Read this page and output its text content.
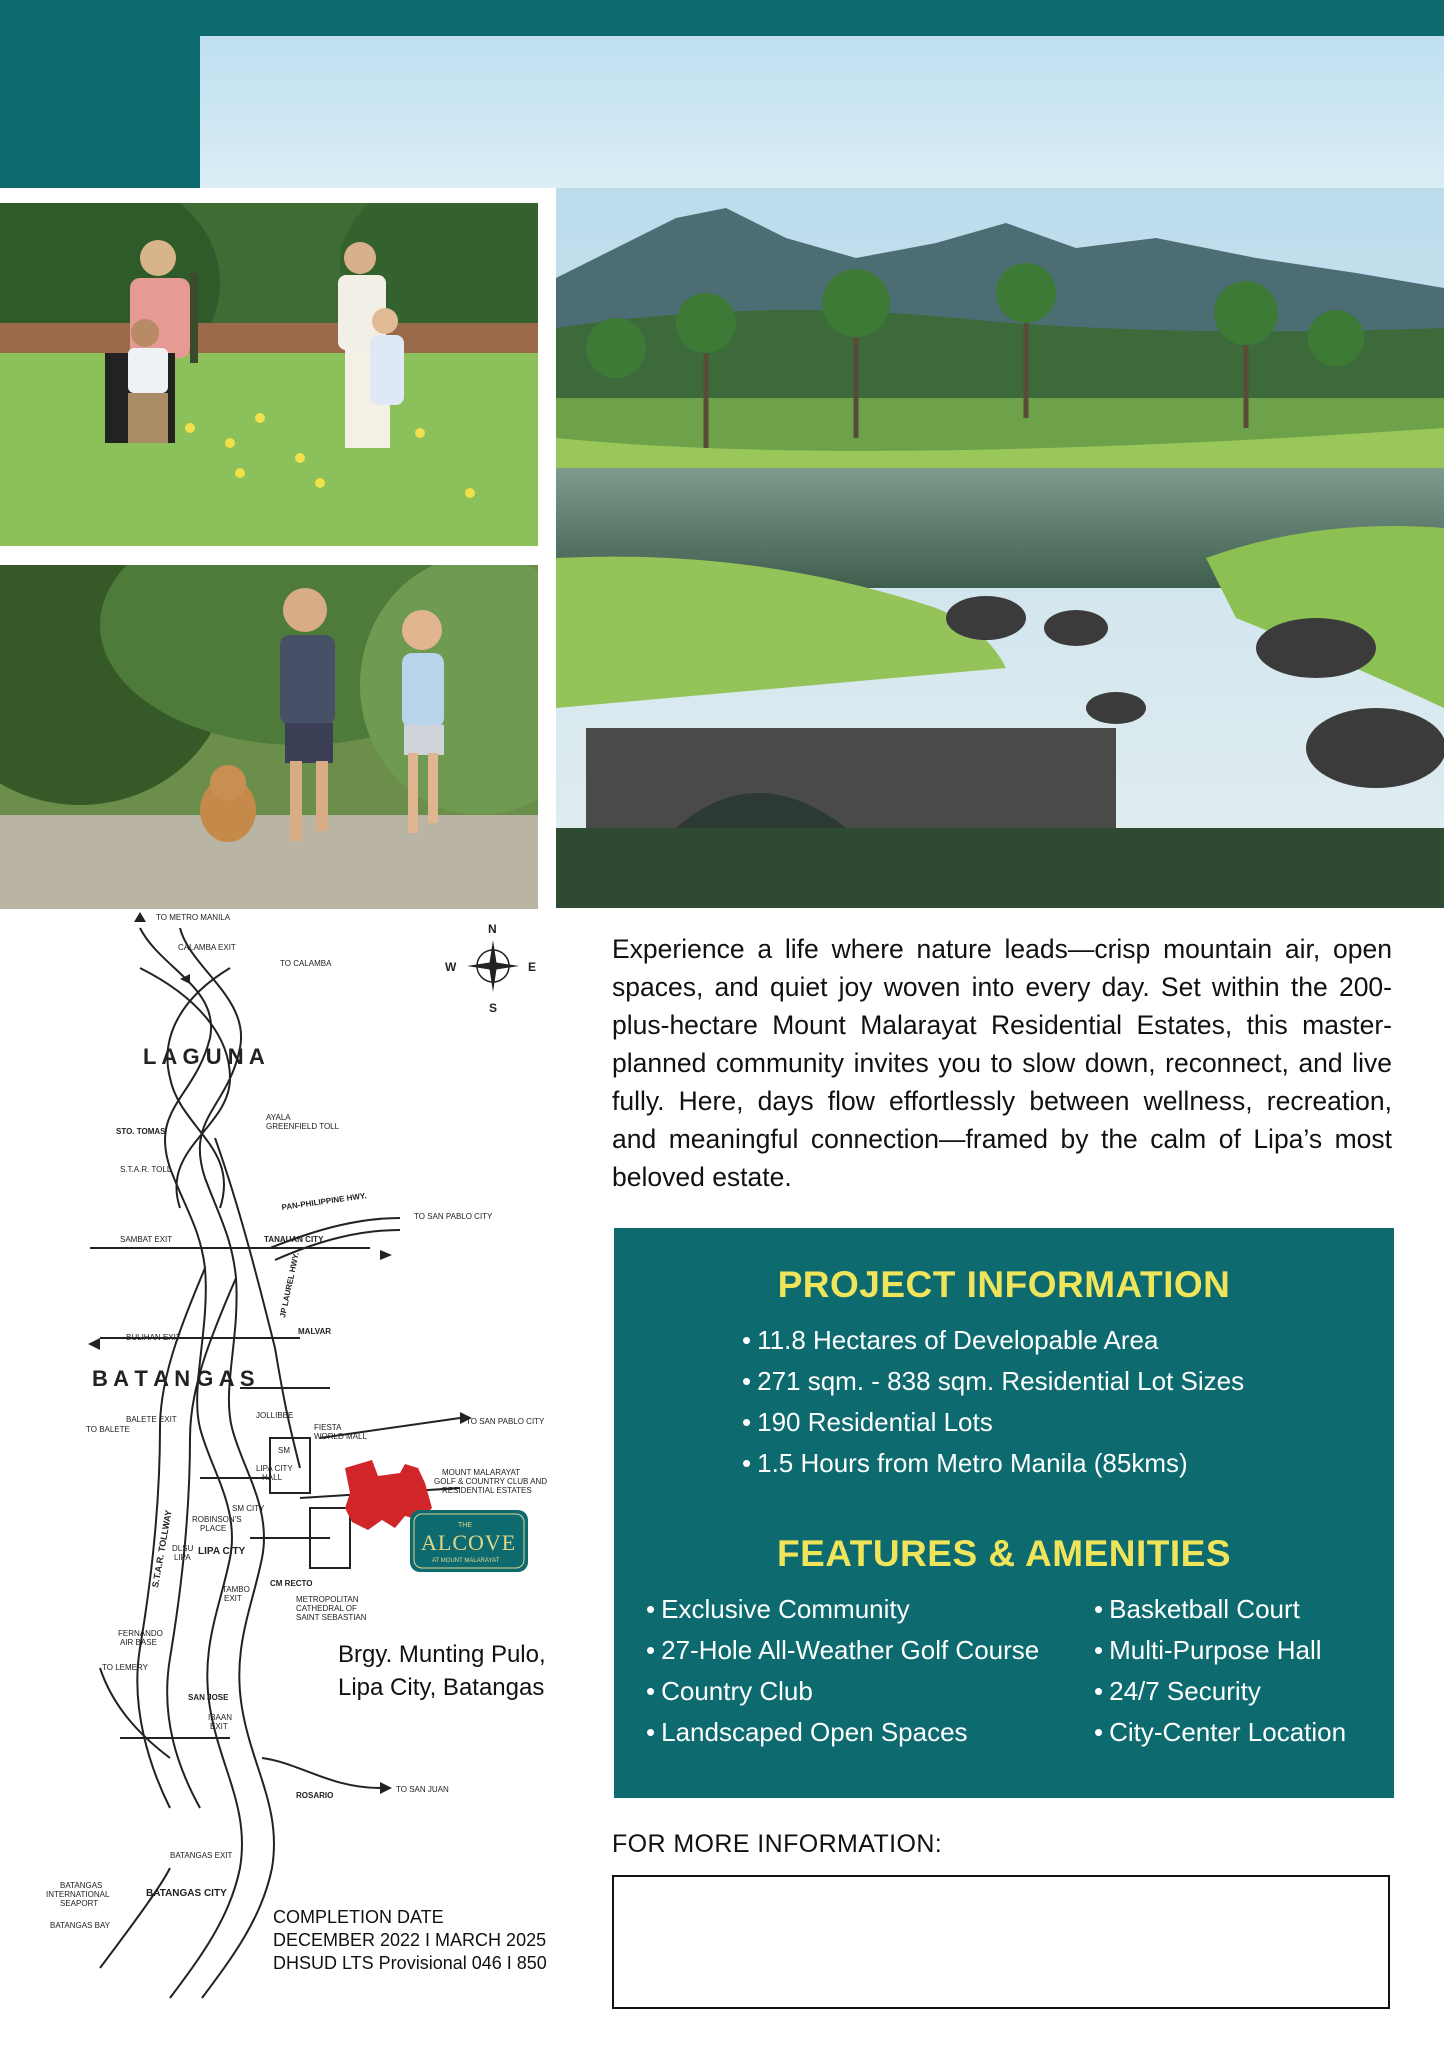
N
S
E
W
L A G U N A
B A T A N G A S
TO METRO MANILA
CALAMBA EXIT
TO CALAMBA
STO. TOMAS
AYALA
GREENFIELD TOLL
S.T.A.R. TOLL
PAN-PHILIPPINE HWY.
TO SAN PABLO CITY
SAMBAT EXIT	TANAUAN CITY
BULIHAN EXIT
MALVAR
JP LAUREL HWY.
BALETE EXIT
TO BALETE
JOLLIBEE
FIESTA
WORLD MALL
TO SAN PABLO CITY
SM
LIPA CITY
HALL
MOUNT MALARAYAT
GOLF & COUNTRY CLUB AND
RESIDENTIAL ESTATES
S.T.A.R. TOLLWAY ROBINSON'S
PLACE
SM CITY
DLSU
LIPA
LIPA CITY
TAMBO
EXIT
CM RECTO
METROPOLITAN
CATHEDRAL OF
SAINT SEBASTIAN
FERNANDO
AIR BASE
TO LEMERY
SAN JOSE
IBAAN
EXIT
TO SAN JUAN
ROSARIO
BATANGAS EXIT
BATANGAS
INTERNATIONAL
SEAPORT
BATANGAS CITY
BATANGAS BAY
THE
ALCOVE
AT MOUNT MALARAYAT
Brgy. Munting Pulo,
Lipa City, Batangas
COMPLETION DATE
DECEMBER 2022 I MARCH 2025
DHSUD LTS Provisional 046 I 850

Experience a life where nature leads—crisp mountain air, open spaces, and quiet joy woven into every day. Set within the 200-plus-hectare Mount Malarayat Residential Estates, this master-planned community invites you to slow down, reconnect, and live fully. Here, days flow effortlessly between wellness, recreation, and meaningful connection—framed by the calm of Lipa’s most beloved estate.

PROJECT INFORMATION
• 11.8 Hectares of Developable Area
• 271 sqm. - 838 sqm. Residential Lot Sizes
• 190 Residential Lots
• 1.5 Hours from Metro Manila (85kms)
FEATURES & AMENITIES
• Exclusive Community
• 27-Hole All-Weather Golf Course
• Country Club
• Landscaped Open Spaces
• Basketball Court
• Multi-Purpose Hall
• 24/7 Security
• City-Center Location
FOR MORE INFORMATION:
